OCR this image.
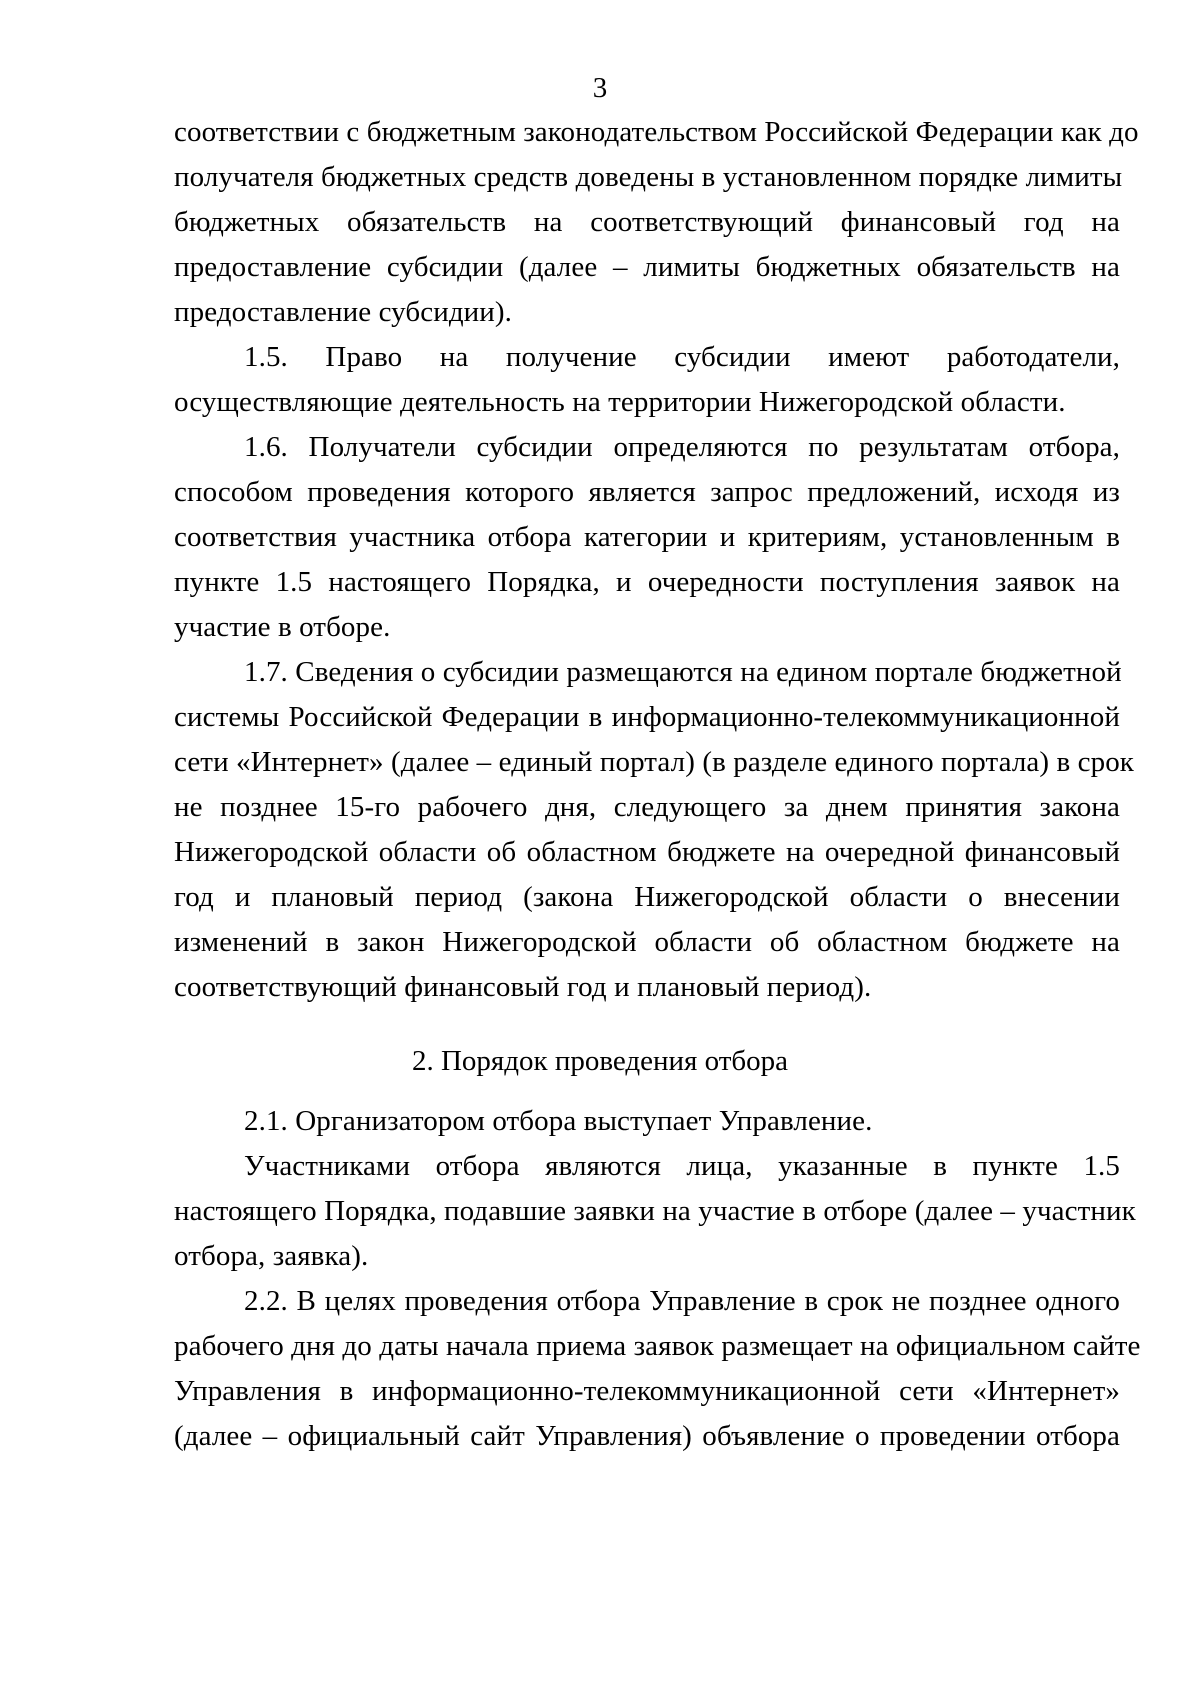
3
соответствии с бюджетным законодательством Российской Федерации как до
получателя бюджетных средств доведены в установленном порядке лимиты
бюджетных обязательств на соответствующий финансовый год на
предоставление субсидии (далее – лимиты бюджетных обязательств на
предоставление субсидии).
1.5. Право на получение субсидии имеют работодатели,
осуществляющие деятельность на территории Нижегородской области.
1.6. Получатели субсидии определяются по результатам отбора,
способом проведения которого является запрос предложений, исходя из
соответствия участника отбора категории и критериям, установленным в
пункте 1.5 настоящего Порядка, и очередности поступления заявок на
участие в отборе.
1.7. Сведения о субсидии размещаются на едином портале бюджетной
системы Российской Федерации в информационно-телекоммуникационной
сети «Интернет» (далее – единый портал) (в разделе единого портала) в срок
не позднее 15-го рабочего дня, следующего за днем принятия закона
Нижегородской области об областном бюджете на очередной финансовый
год и плановый период (закона Нижегородской области о внесении
изменений в закон Нижегородской области об областном бюджете на
соответствующий финансовый год и плановый период).
2. Порядок проведения отбора
2.1. Организатором отбора выступает Управление.
Участниками отбора являются лица, указанные в пункте 1.5
настоящего Порядка, подавшие заявки на участие в отборе (далее – участник
отбора, заявка).
2.2. В целях проведения отбора Управление в срок не позднее одного
рабочего дня до даты начала приема заявок размещает на официальном сайте
Управления в информационно-телекоммуникационной сети «Интернет»
(далее – официальный сайт Управления) объявление о проведении отбора
